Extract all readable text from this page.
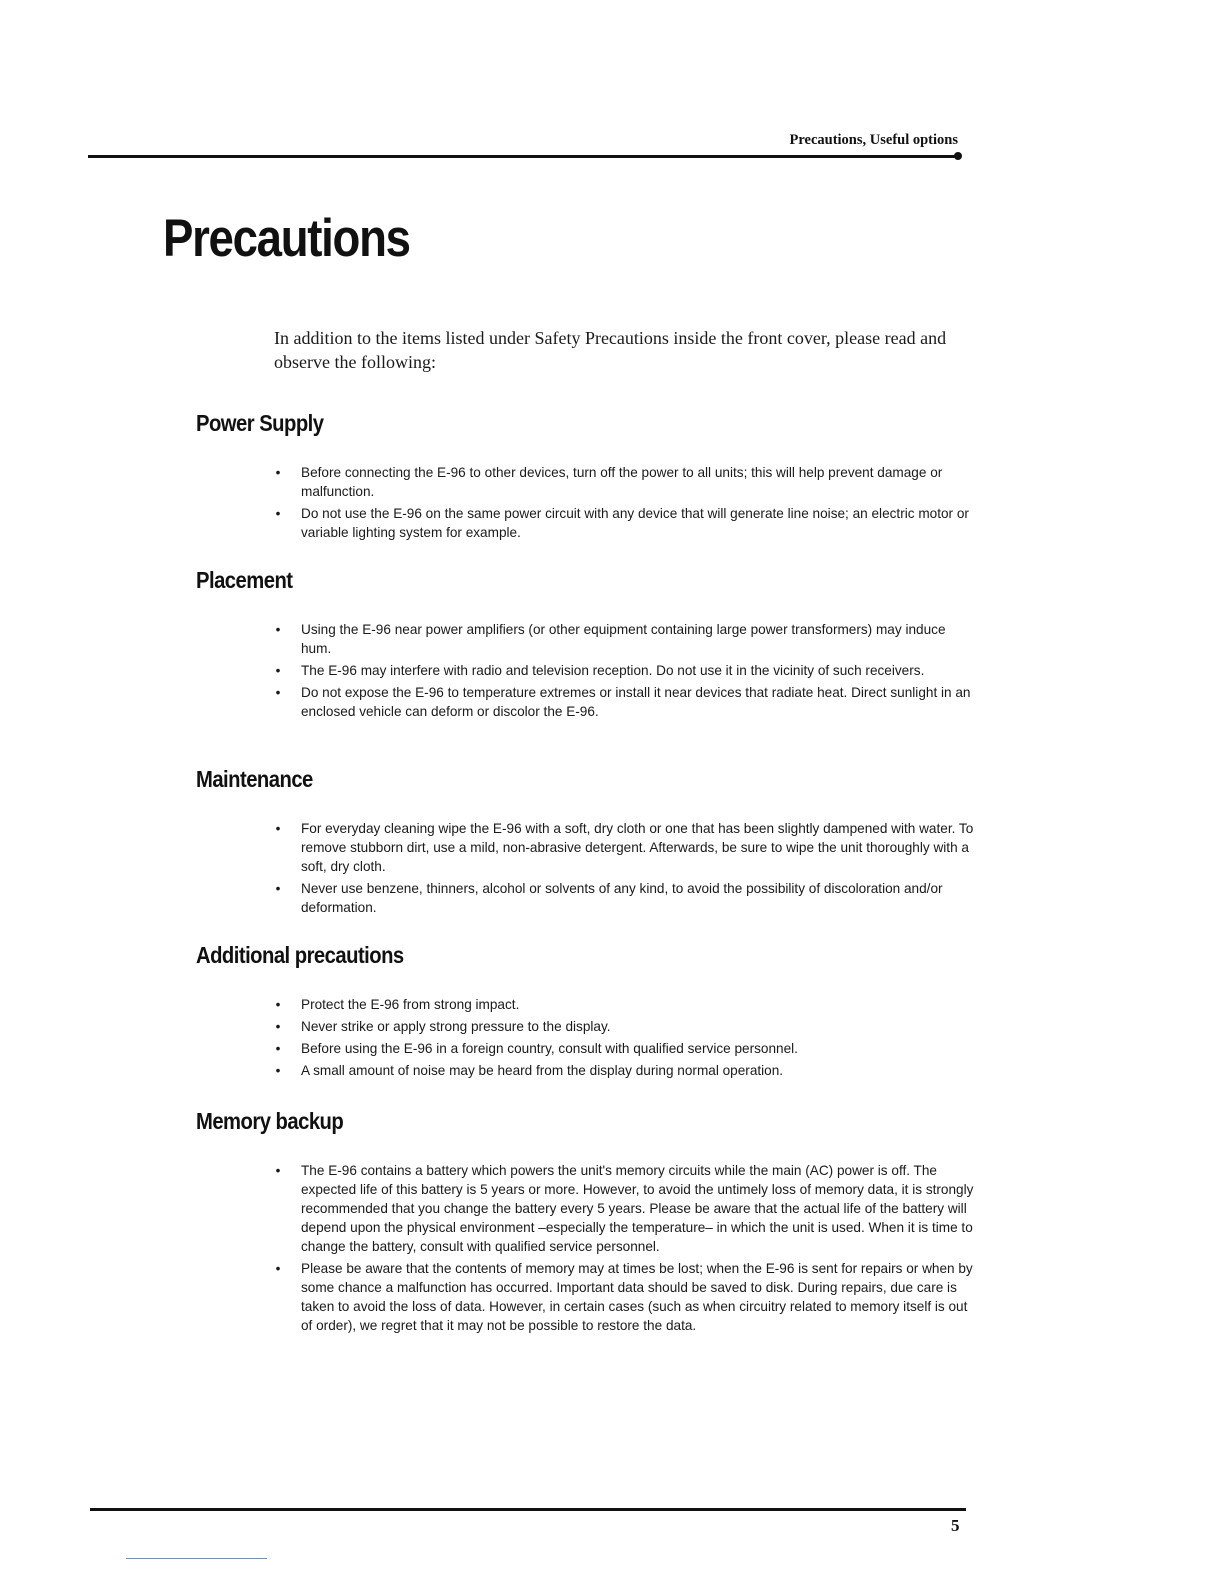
Precautions, Useful options
Precautions

In addition to the items listed under Safety Precautions inside the front cover, please read and observe the following:

Power Supply
• Before connecting the E-96 to other devices, turn off the power to all units; this will help prevent damage or malfunction.
• Do not use the E-96 on the same power circuit with any device that will generate line noise; an electric motor or variable lighting system for example.
Placement
• Using the E-96 near power amplifiers (or other equipment containing large power transformers) may induce hum.
• The E-96 may interfere with radio and television reception. Do not use it in the vicinity of such receivers.
• Do not expose the E-96 to temperature extremes or install it near devices that radiate heat. Direct sunlight in an enclosed vehicle can deform or discolor the E-96.
Maintenance
• For everyday cleaning wipe the E-96 with a soft, dry cloth or one that has been slightly dampened with water. To remove stubborn dirt, use a mild, non-abrasive detergent. Afterwards, be sure to wipe the unit thoroughly with a soft, dry cloth.
• Never use benzene, thinners, alcohol or solvents of any kind, to avoid the possibility of discoloration and/or deformation.
Additional precautions
• Protect the E-96 from strong impact.
• Never strike or apply strong pressure to the display.
• Before using the E-96 in a foreign country, consult with qualified service personnel.
• A small amount of noise may be heard from the display during normal operation.
Memory backup
• The E-96 contains a battery which powers the unit's memory circuits while the main (AC) power is off. The expected life of this battery is 5 years or more. However, to avoid the untimely loss of memory data, it is strongly recommended that you change the battery every 5 years. Please be aware that the actual life of the battery will depend upon the physical environment –especially the temperature– in which the unit is used. When it is time to change the battery, consult with qualified service personnel.
• Please be aware that the contents of memory may at times be lost; when the E-96 is sent for repairs or when by some chance a malfunction has occurred. Important data should be saved to disk. During repairs, due care is taken to avoid the loss of data. However, in certain cases (such as when circuitry related to memory itself is out of order), we regret that it may not be possible to restore the data.
5
